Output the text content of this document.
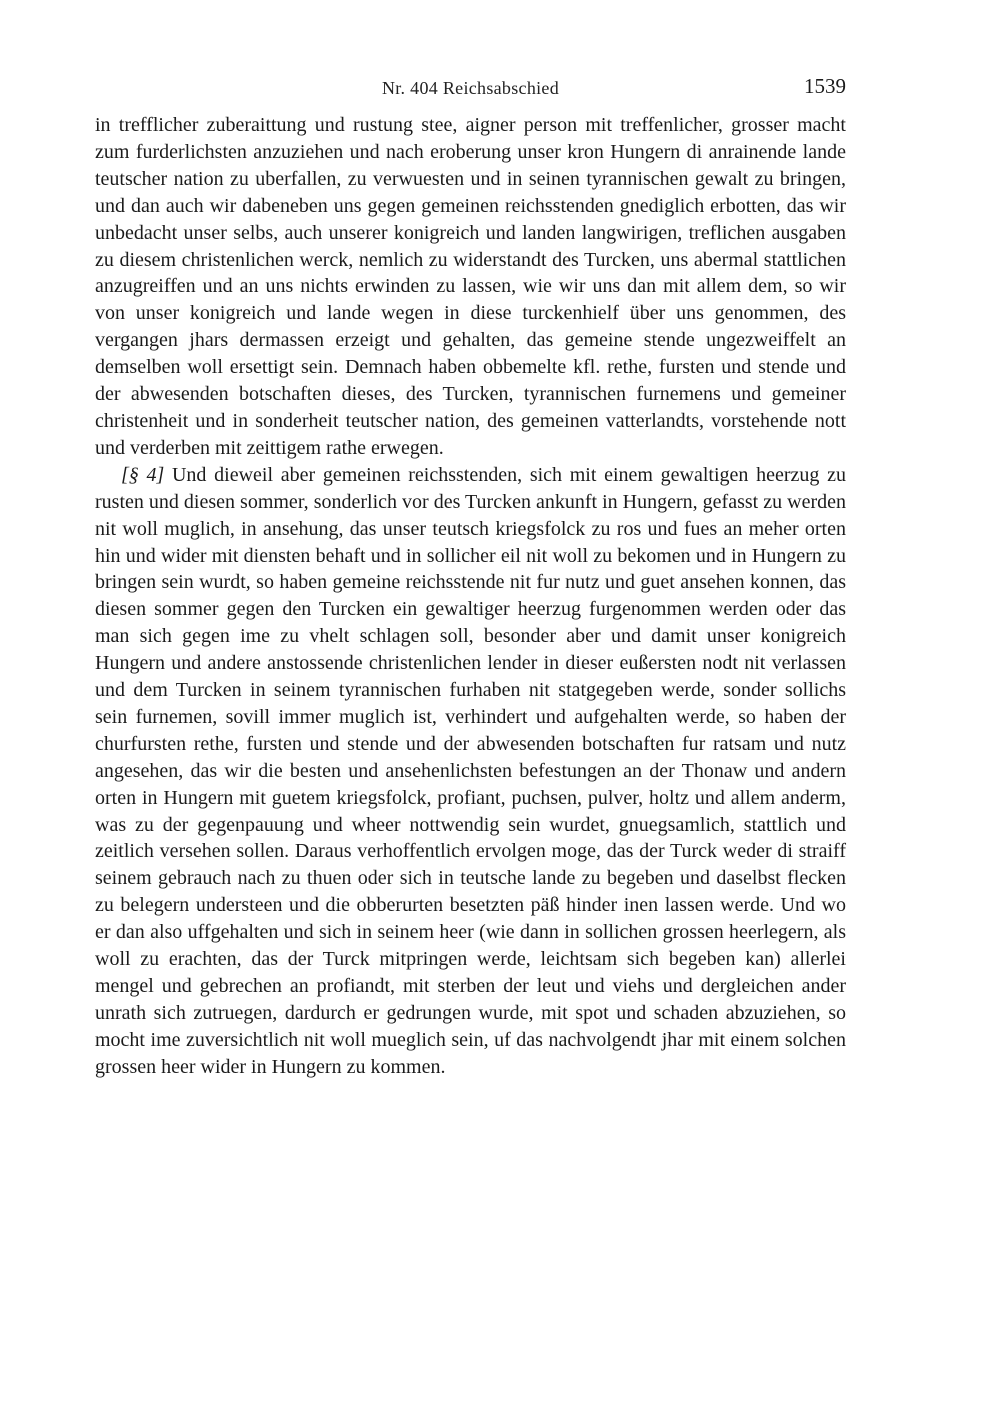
Nr. 404 Reichsabschied	1539

in trefflicher zuberaittung und rustung stee, aigner person mit treffenlicher, grosser macht zum furderlichsten anzuziehen und nach eroberung unser kron Hungern di anrainende lande teutscher nation zu uberfallen, zu verwuesten und in seinen tyrannischen gewalt zu bringen, und dan auch wir dabeneben uns gegen gemeinen reichsstenden gnediglich erbotten, das wir unbedacht unser selbs, auch unserer konigreich und landen langwirigen, treflichen ausgaben zu diesem christenlichen werck, nemlich zu widerstandt des Turcken, uns abermal stattlichen anzugreiffen und an uns nichts erwinden zu lassen, wie wir uns dan mit allem dem, so wir von unser konigreich und lande wegen in diese turckenhielf über uns genommen, des vergangen jhars dermassen erzeigt und gehalten, das gemeine stende ungezweiffelt an demselben woll ersettigt sein. Demnach haben obbemelte kfl. rethe, fursten und stende und der abwesenden botschaften dieses, des Turcken, tyrannischen furnemens und gemeiner christenheit und in sonderheit teutscher nation, des gemeinen vatterlandts, vorstehende nott und verderben mit zeittigem rathe erwegen.

[§ 4] Und dieweil aber gemeinen reichsstenden, sich mit einem gewaltigen heerzug zu rusten und diesen sommer, sonderlich vor des Turcken ankunft in Hungern, gefasst zu werden nit woll muglich, in ansehung, das unser teutsch kriegsfolck zu ros und fues an meher orten hin und wider mit diensten behaft und in sollicher eil nit woll zu bekomen und in Hungern zu bringen sein wurdt, so haben gemeine reichsstende nit fur nutz und guet ansehen konnen, das diesen sommer gegen den Turcken ein gewaltiger heerzug furgenommen werden oder das man sich gegen ime zu vhelt schlagen soll, besonder aber und damit unser konigreich Hungern und andere anstossende christenlichen lender in dieser eußersten nodt nit verlassen und dem Turcken in seinem tyrannischen furhaben nit statgegeben werde, sonder sollichs sein furnemen, sovill immer muglich ist, verhindert und aufgehalten werde, so haben der churfursten rethe, fursten und stende und der abwesenden botschaften fur ratsam und nutz angesehen, das wir die besten und ansehenlichsten befestungen an der Thonaw und andern orten in Hungern mit guetem kriegsfolck, profiant, puchsen, pulver, holtz und allem anderm, was zu der gegenpauung und wheer nottwendig sein wurdet, gnuegsamlich, stattlich und zeitlich versehen sollen. Daraus verhoffentlich ervolgen moge, das der Turck weder di straiff seinem gebrauch nach zu thuen oder sich in teutsche lande zu begeben und daselbst flecken zu belegern understeen und die obberurten besetzten päß hinder inen lassen werde. Und wo er dan also uffgehalten und sich in seinem heer (wie dann in sollichen grossen heerlegern, als woll zu erachten, das der Turck mitpringen werde, leichtsam sich begeben kan) allerlei mengel und gebrechen an profiandt, mit sterben der leut und viehs und dergleichen ander unrath sich zutruegen, dardurch er gedrungen wurde, mit spot und schaden abzuziehen, so mocht ime zuversichtlich nit woll mueglich sein, uf das nachvolgendt jhar mit einem solchen grossen heer wider in Hungern zu kommen.
